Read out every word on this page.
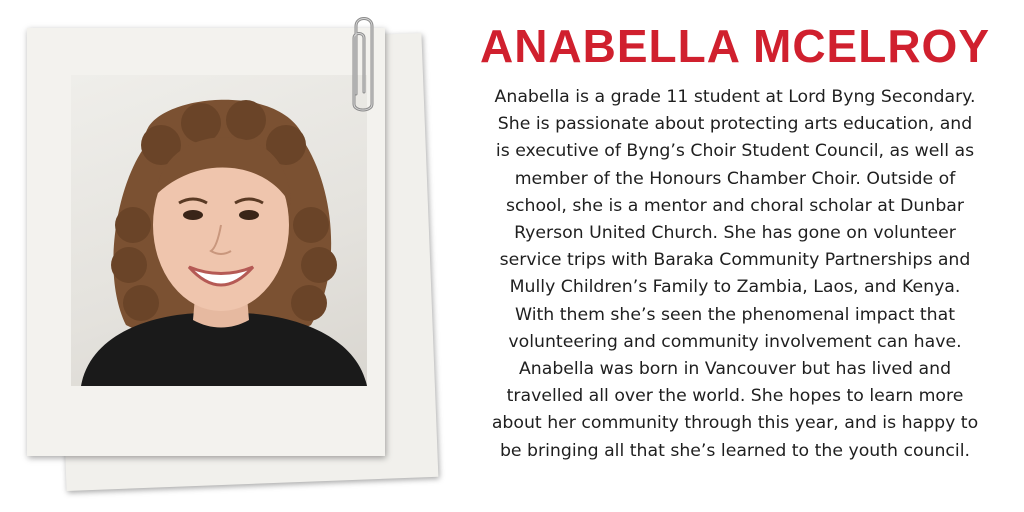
ANABELLA MCELROY
Anabella is a grade 11 student at Lord Byng Secondary.
She is passionate about protecting arts education, and
is executive of Byng’s Choir Student Council, as well as
member of the Honours Chamber Choir. Outside of
school, she is a mentor and choral scholar at Dunbar
Ryerson United Church. She has gone on volunteer
service trips with Baraka Community Partnerships and
Mully Children’s Family to Zambia, Laos, and Kenya.
With them she’s seen the phenomenal impact that
volunteering and community involvement can have.
Anabella was born in Vancouver but has lived and
travelled all over the world. She hopes to learn more
about her community through this year, and is happy to
be bringing all that she’s learned to the youth council.
